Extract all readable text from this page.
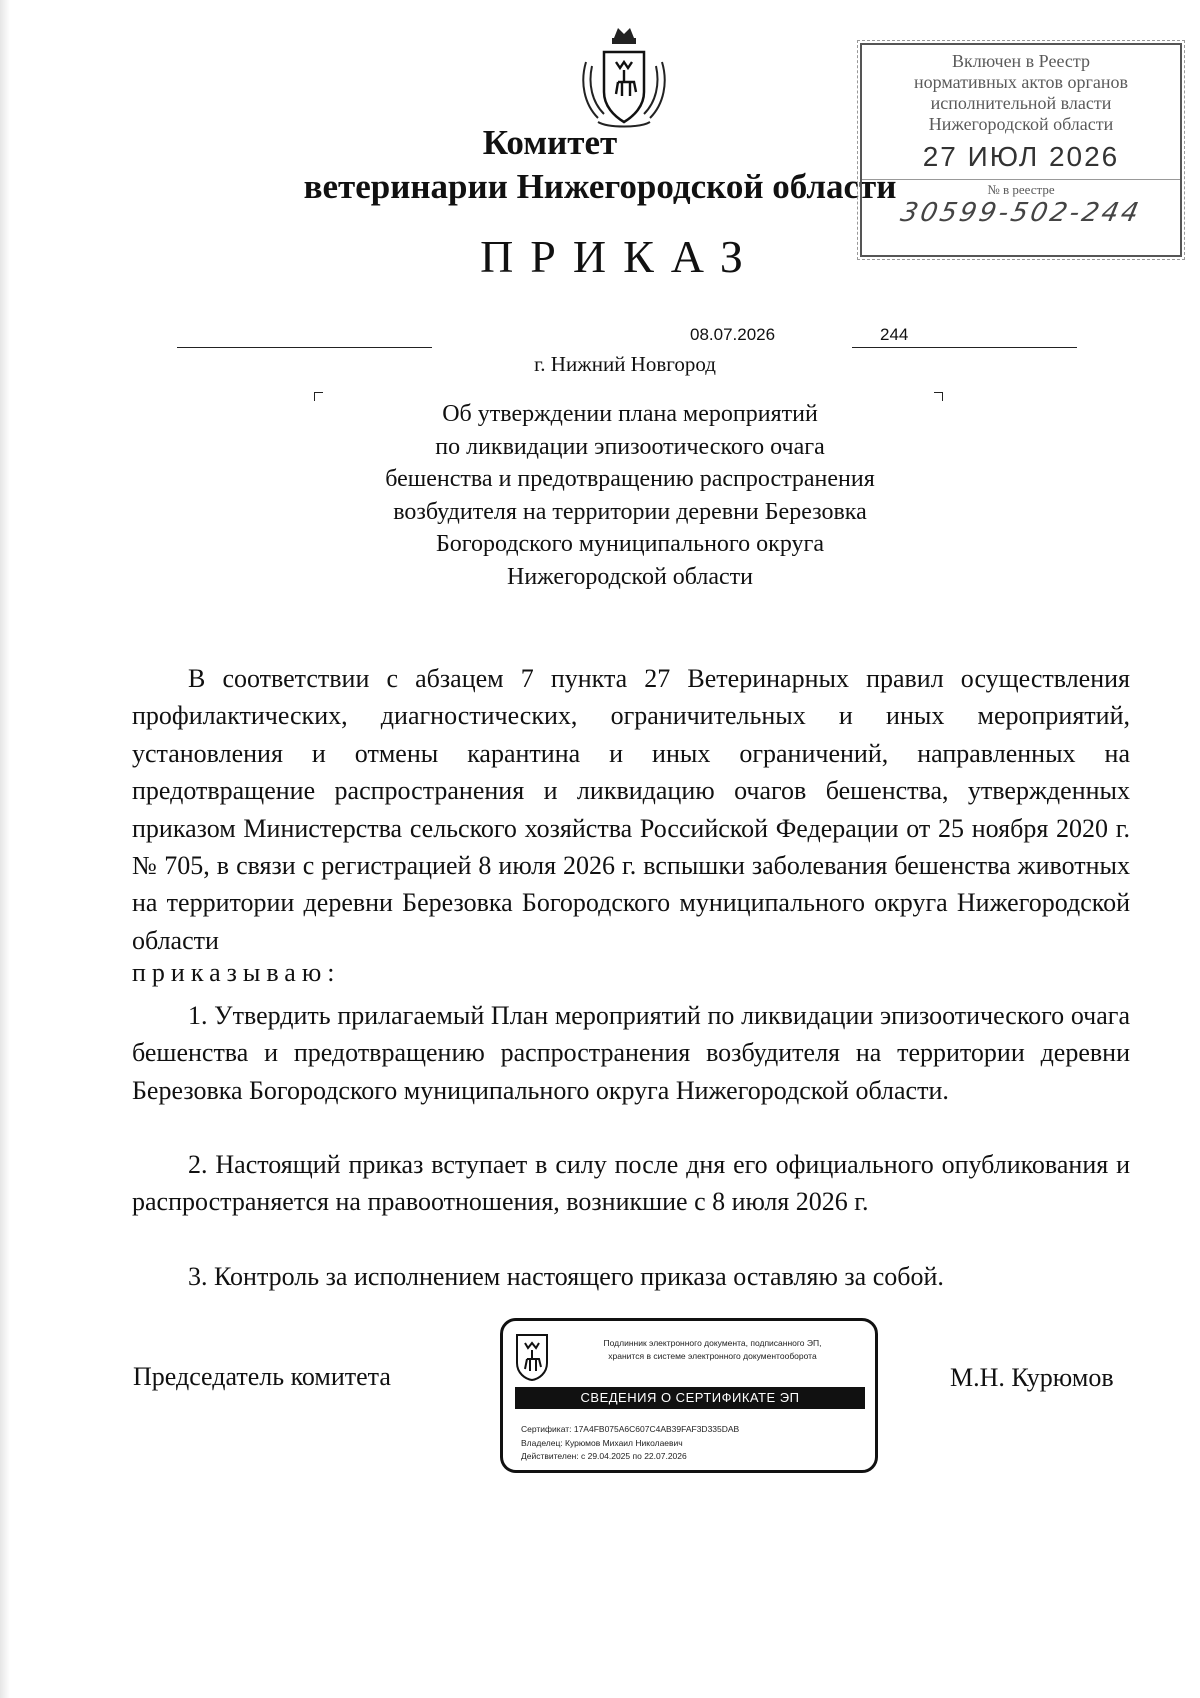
Комитет
ветеринарии Нижегородской области
Включен в Реестр
нормативных актов органов
исполнительной власти
Нижегородской области
27 ИЮЛ 2026
№ в реестре
30599-502-244
ПРИКАЗ
08.07.2026	244
г. Нижний Новгород
Об утверждении плана мероприятий
по ликвидации эпизоотического очага
бешенства и предотвращению распространения
возбудителя на территории деревни Березовка
Богородского муниципального округа
Нижегородской области

В соответствии с абзацем 7 пункта 27 Ветеринарных правил осуществления профилактических, диагностических, ограничительных и иных мероприятий, установления и отмены карантина и иных ограничений, направленных на предотвращение распространения и ликвидацию очагов бешенства, утвержденных приказом Министерства сельского хозяйства Российской Федерации от 25 ноября 2020 г. № 705, в связи с регистрацией 8 июля 2026 г. вспышки заболевания бешенства животных на территории деревни Березовка Богородского муниципального округа Нижегородской области

приказываю:

1. Утвердить прилагаемый План мероприятий по ликвидации эпизоотического очага бешенства и предотвращению распространения возбудителя на территории деревни Березовка Богородского муниципального округа Нижегородской области.

2. Настоящий приказ вступает в силу после дня его официального опубликования и распространяется на правоотношения, возникшие с 8 июля 2026 г.

3. Контроль за исполнением настоящего приказа оставляю за собой.

Председатель комитета
Подлинник электронного документа, подписанного ЭП,
хранится в системе электронного документооборота
СВЕДЕНИЯ О СЕРТИФИКАТЕ ЭП
Сертификат: 17A4FB075A6C607C4AB39FAF3D335DAB
Владелец: Курюмов Михаил Николаевич
Действителен: с 29.04.2025 по 22.07.2026
М.Н. Курюмов
